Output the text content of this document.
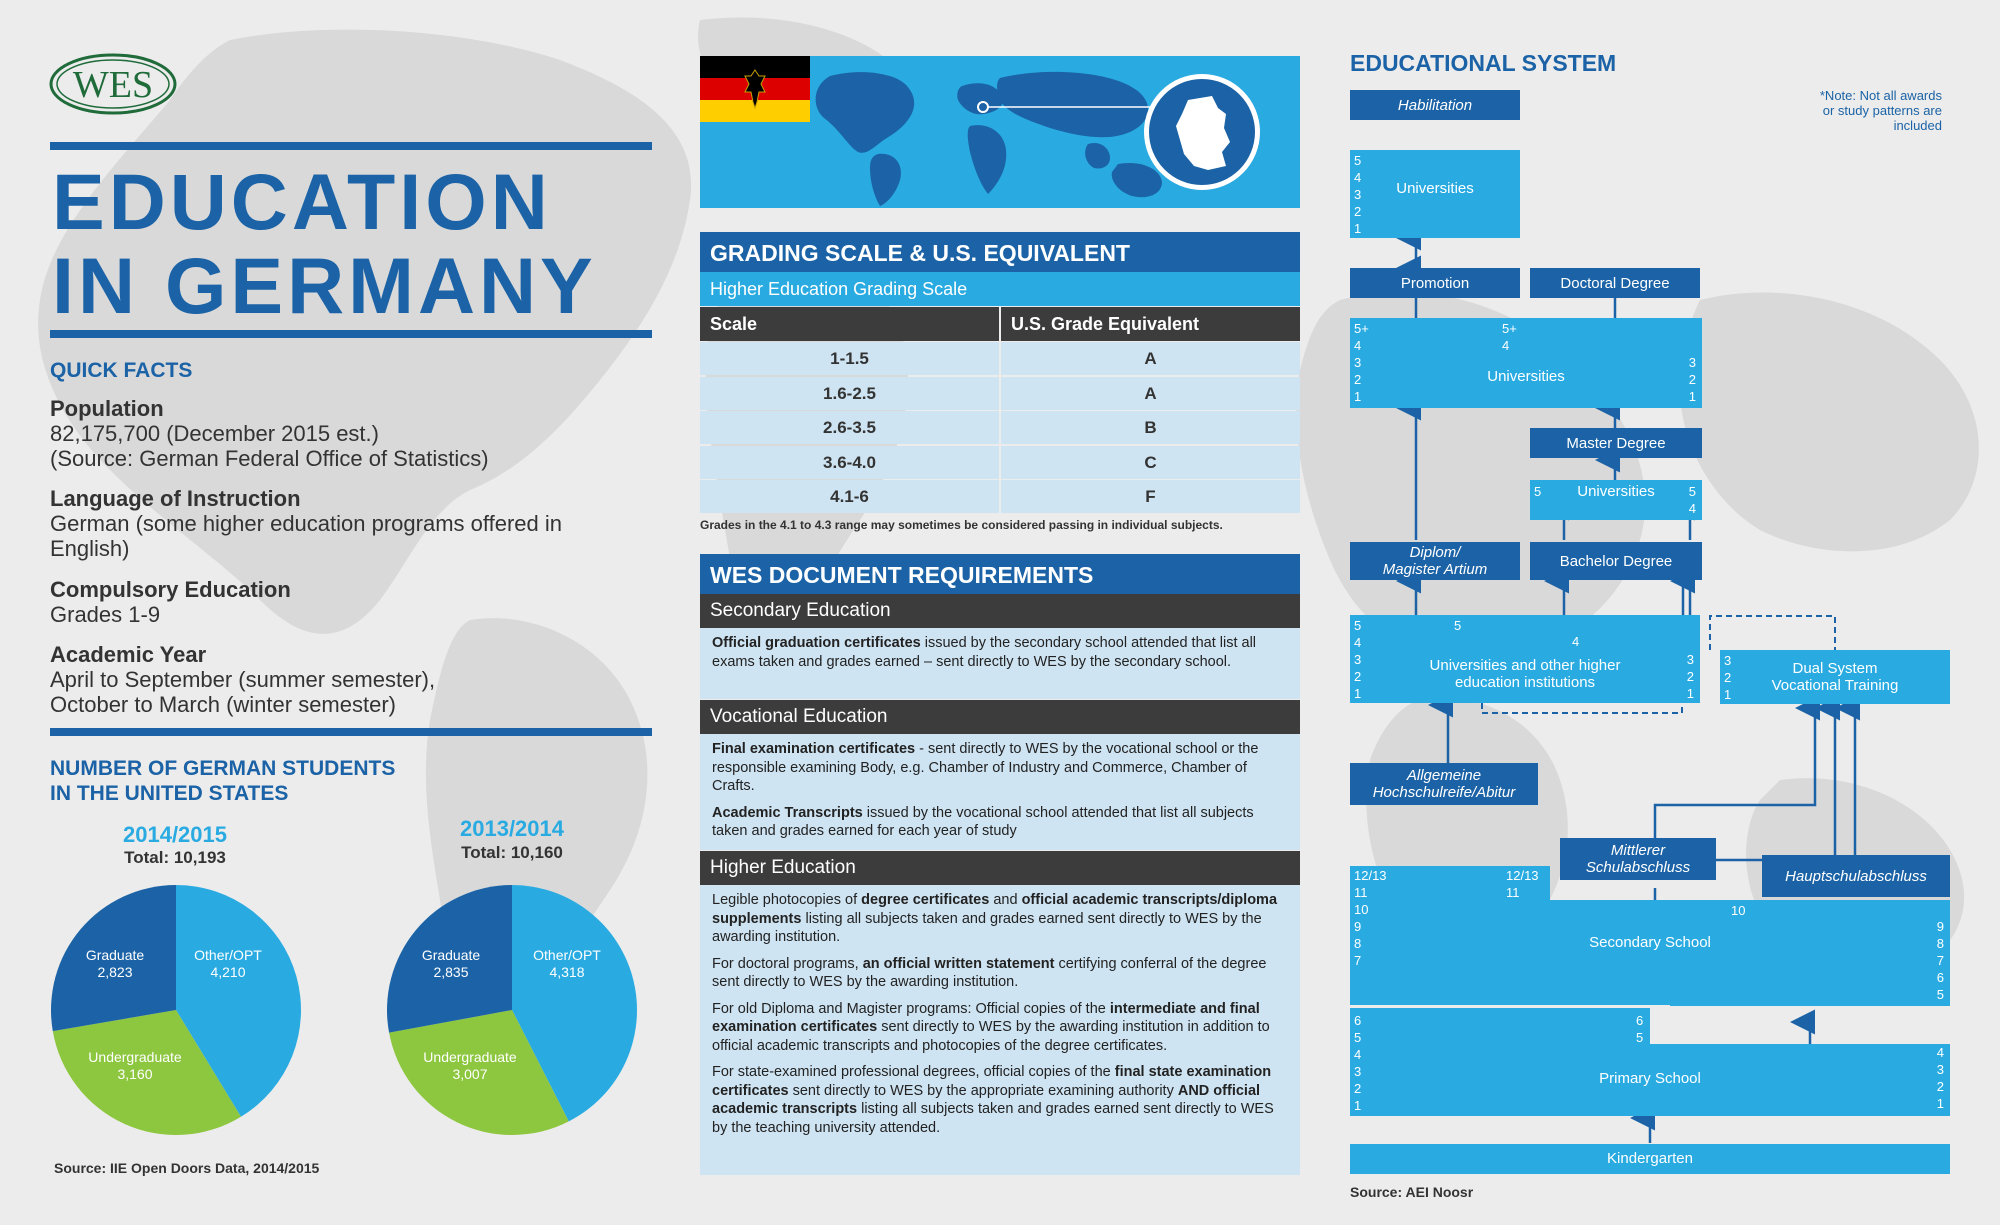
WES
EDUCATION
IN GERMANY
QUICK FACTS
Population
82,175,700 (December 2015 est.)
(Source: German Federal Office of Statistics)
Language of Instruction
German (some higher education programs offered in English)
Compulsory Education
Grades 1-9
Academic Year
April to September (summer semester),
October to March (winter semester)
NUMBER OF GERMAN STUDENTS
IN THE UNITED STATES
2014/2015
Total: 10,193
Graduate
2,823
Other/OPT
4,210
Undergraduate
3,160
2013/2014
Total: 10,160
Graduate
2,835
Other/OPT
4,318
Undergraduate
3,007
Source: IIE Open Doors Data, 2014/2015
GRADING SCALE & U.S. EQUIVALENT
Higher Education Grading Scale
Scale	U.S. Grade Equivalent
1-1.5	A
1.6-2.5	A
2.6-3.5	B
3.6-4.0	C
4.1-6	F
Grades in the 4.1 to 4.3 range may sometimes be considered passing in individual subjects.
WES DOCUMENT REQUIREMENTS
Secondary Education

Official graduation certificates issued by the secondary school attended that list all exams taken and grades earned – sent directly to WES by the secondary school.

Vocational Education

Final examination certificates - sent directly to WES by the vocational school or the responsible examining Body, e.g. Chamber of Industry and Commerce, Chamber of Crafts.

Academic Transcripts issued by the vocational school attended that list all subjects taken and grades earned for each year of study

Higher Education

Legible photocopies of degree certificates and official academic transcripts/diploma supplements listing all subjects taken and grades earned sent directly to WES by the awarding institution.

For doctoral programs, an official written statement certifying conferral of the degree sent directly to WES by the awarding institution.

For old Diploma and Magister programs: Official copies of the intermediate and final examination certificates sent directly to WES by the awarding institution in addition to official academic transcripts and photocopies of the degree certificates.

For state-examined professional degrees, official copies of the final state examination certificates sent directly to WES by the appropriate examining authority AND official academic transcripts listing all subjects taken and grades earned sent directly to WES by the teaching university attended.

EDUCATIONAL SYSTEM
*Note: Not all awards or study patterns are included
Habilitation
Universities
5
4
3
2
1
Promotion	Doctoral Degree
Universities
5+
4
3
2
1
5+
4
3
2
1
Master Degree
Universities
5	5
4
Diplom/
Magister Artium	Bachelor Degree
Universities and other higher
education institutions
5
4
3
2
1
5
4
3
2
1
Dual System
Vocational Training
3
2
1
Allgemeine
Hochschulreife/Abitur
Mittlerer
Schulabschluss	Hauptschulabschluss
Secondary School
12/13
11
10
9
8
7
12/13
11
10
9
8
7
6
5
Primary School
6
5
4
3
2
1
6
5
4
3
2
1
Kindergarten
Source: AEI Noosr
